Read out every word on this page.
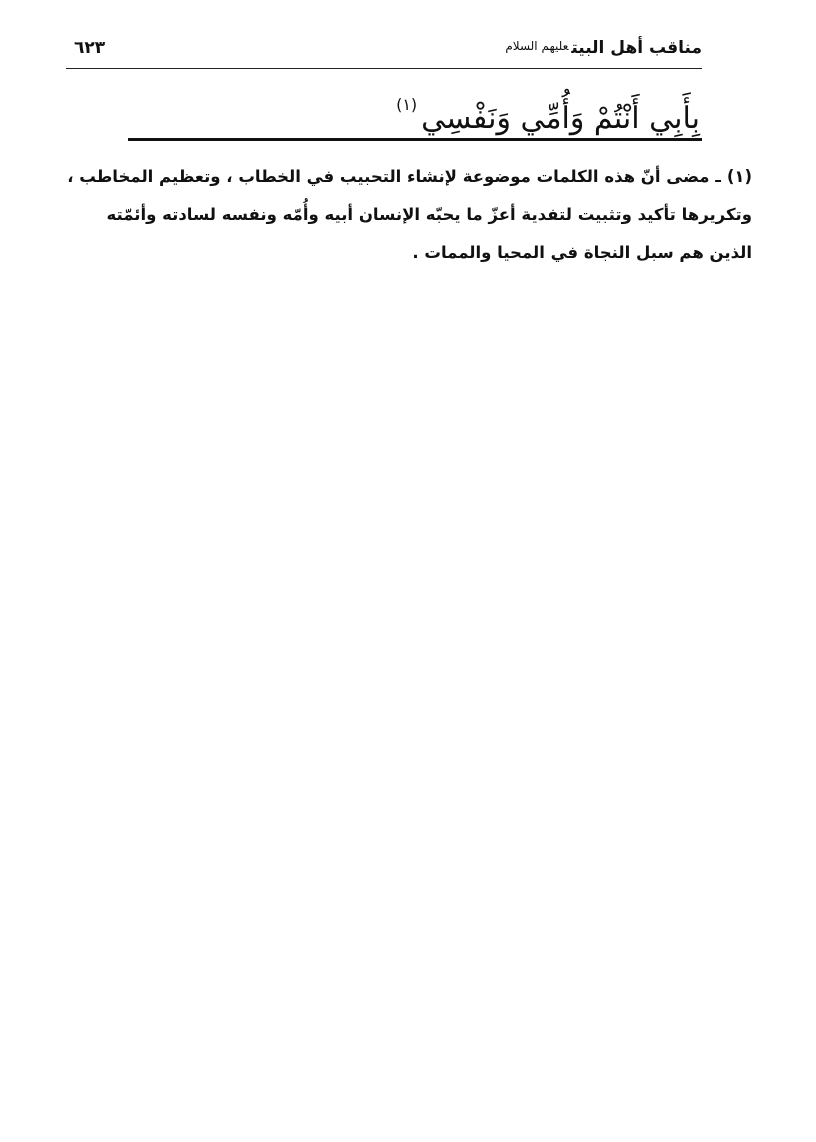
مناقب أهل البيتعليهم السلام
٦٢٣
بِأَبِي أَنْتُمْ وَأُمِّي وَنَفْسِي$^{(١)}$
(١)ـ مضى أنّ هذه الكلمات موضوعة لإنشاء التحبيب في الخطاب ، وتعظيم المخاطب ،
وتكريرها تأكيد وتثبيت لتفدية أعزّ ما يحبّه الإنسان أبيه وأُمّه ونفسه لسادته وأئمّته
الذين هم سبل النجاة في المحيا والممات .
